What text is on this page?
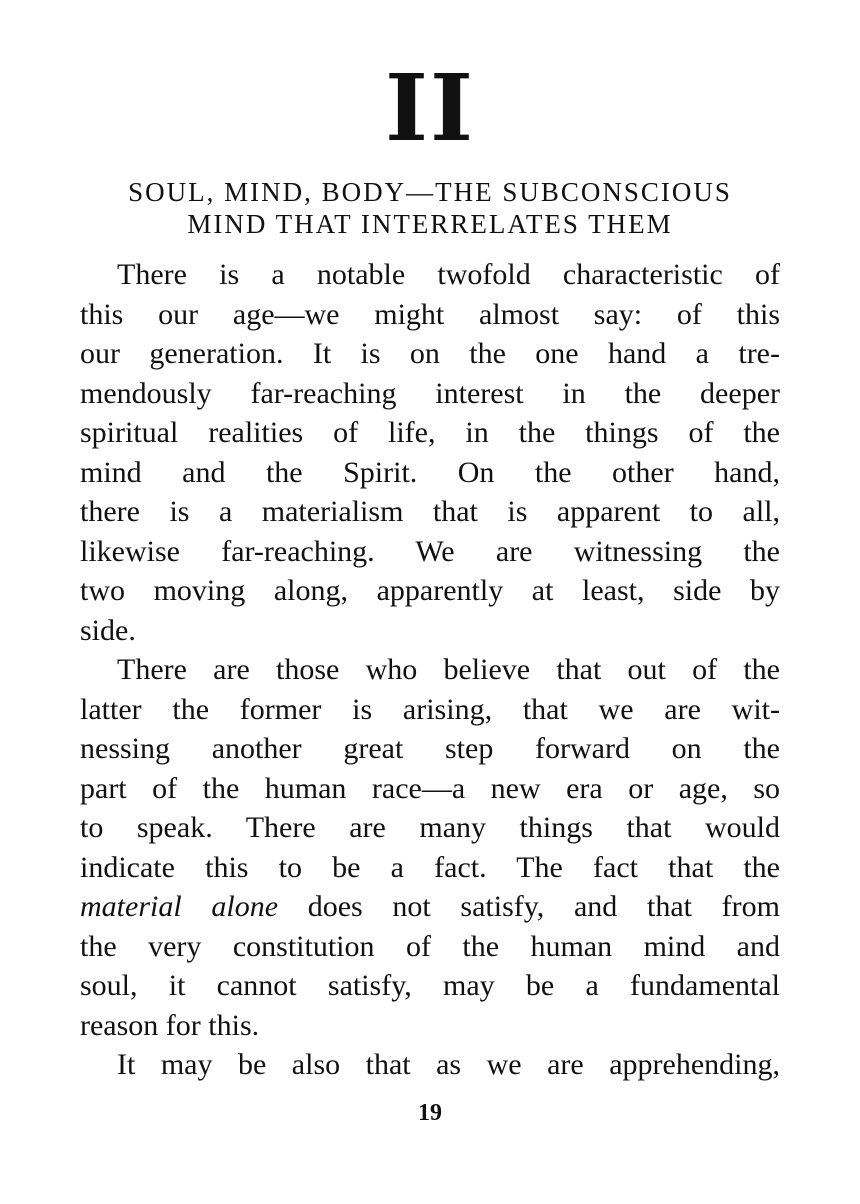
II
SOUL, MIND, BODY—THE SUBCONSCIOUS
MIND THAT INTERRELATES THEM
There is a notable twofold characteristic of
this our age—we might almost say: of this
our generation. It is on the one hand a tre-
mendously far-reaching interest in the deeper
spiritual realities of life, in the things of the
mind and the Spirit. On the other hand,
there is a materialism that is apparent to all,
likewise far-reaching. We are witnessing the
two moving along, apparently at least, side by
side.
There are those who believe that out of the
latter the former is arising, that we are wit-
nessing another great step forward on the
part of the human race—a new era or age, so
to speak. There are many things that would
indicate this to be a fact. The fact that the
material alone does not satisfy, and that from
the very constitution of the human mind and
soul, it cannot satisfy, may be a fundamental
reason for this.
It may be also that as we are apprehending,
19
